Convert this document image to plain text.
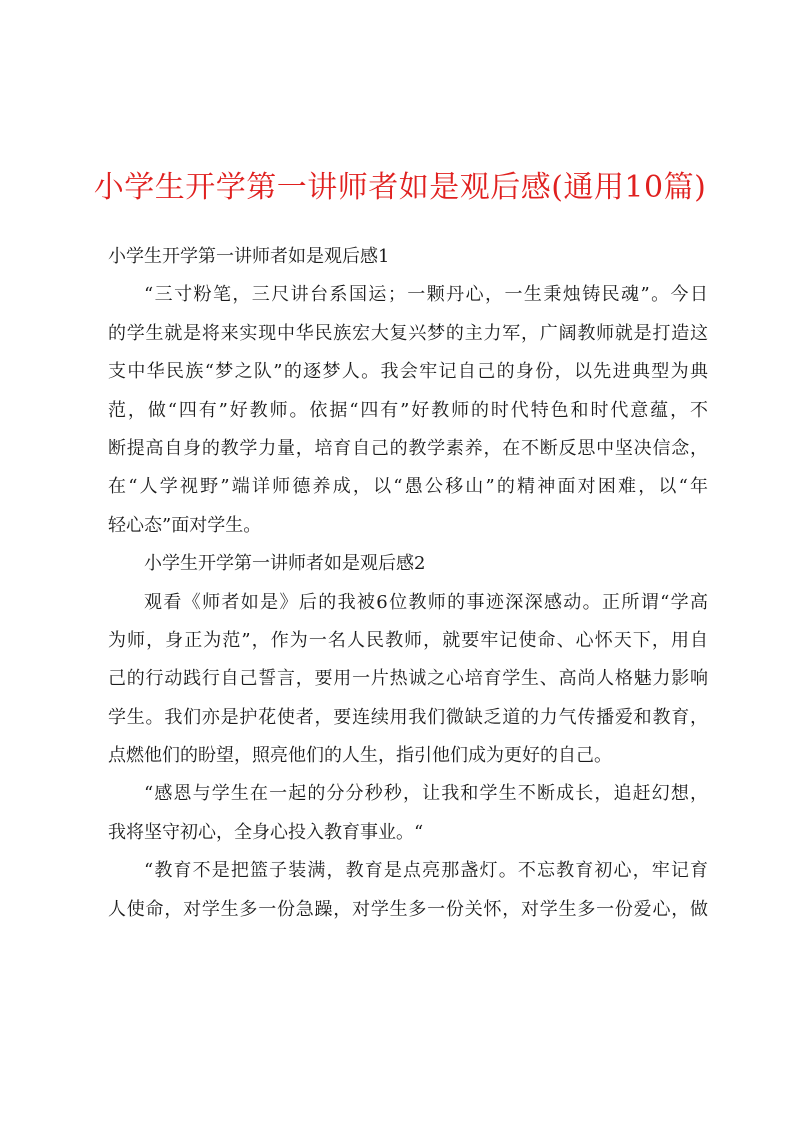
小学生开学第一讲师者如是观后感(通用10篇)
小学生开学第一讲师者如是观后感1
“三寸粉笔，三尺讲台系国运；一颗丹心，一生秉烛铸民魂”。今日
的学生就是将来实现中华民族宏大复兴梦的主力军，广阔教师就是打造这
支中华民族“梦之队”的逐梦人。我会牢记自己的身份，以先进典型为典
范，做“四有”好教师。依据“四有”好教师的时代特色和时代意蕴，不
断提高自身的教学力量，培育自己的教学素养，在不断反思中坚决信念，
在“人学视野”端详师德养成，以“愚公移山”的精神面对困难，以“年
轻心态”面对学生。
小学生开学第一讲师者如是观后感2
观看《师者如是》后的我被6位教师的事迹深深感动。正所谓“学高
为师，身正为范”，作为一名人民教师，就要牢记使命、心怀天下，用自
己的行动践行自己誓言，要用一片热诚之心培育学生、高尚人格魅力影响
学生。我们亦是护花使者，要连续用我们微缺乏道的力气传播爱和教育，
点燃他们的盼望，照亮他们的人生，指引他们成为更好的自己。
“感恩与学生在一起的分分秒秒，让我和学生不断成长，追赶幻想，
我将坚守初心，全身心投入教育事业。“
“教育不是把篮子装满，教育是点亮那盏灯。不忘教育初心，牢记育
人使命，对学生多一份急躁，对学生多一份关怀，对学生多一份爱心，做
